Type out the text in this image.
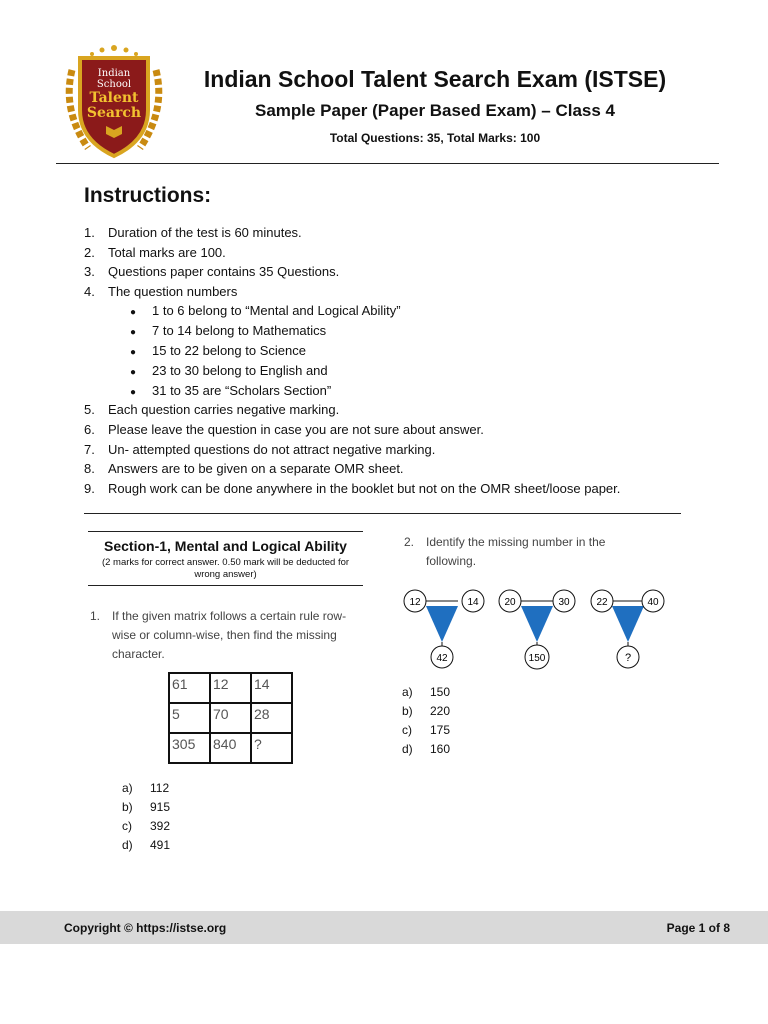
Indian
School
Talent
Search
Indian School Talent Search Exam (ISTSE)
Sample Paper (Paper Based Exam) – Class 4
Total Questions: 35, Total Marks: 100
Instructions:
1. Duration of the test is 60 minutes.
2. Total marks are 100.
3. Questions paper contains 35 Questions.
4. The question numbers
● 1 to 6 belong to “Mental and Logical Ability”
● 7 to 14 belong to Mathematics
● 15 to 22 belong to Science
● 23 to 30 belong to English and
● 31 to 35 are “Scholars Section”
5. Each question carries negative marking.
6. Please leave the question in case you are not sure about answer.
7. Un- attempted questions do not attract negative marking.
8. Answers are to be given on a separate OMR sheet.
9. Rough work can be done anywhere in the booklet but not on the OMR sheet/loose paper.
Section-1, Mental and Logical Ability
(2 marks for correct answer. 0.50 mark will be deducted for wrong answer)
1. If the given matrix follows a certain rule row-wise or column-wise, then find the missing character.
61	12	14
5	70	28
305	840	?
a) 112
b) 915
c) 392
d) 491
2. Identify the missing number in the following.
12	14
42
20	30
150
22	40
?
a) 150
b) 220
c) 175
d) 160
Copyright © https://istse.org	Page 1 of 8
